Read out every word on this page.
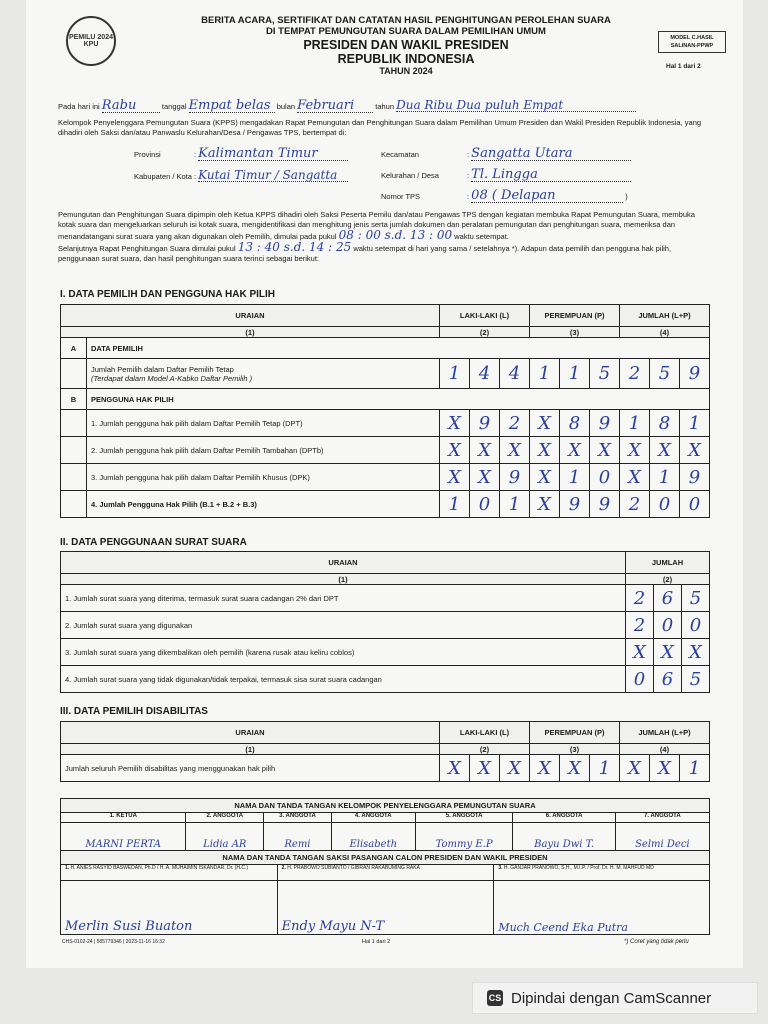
PEMILU 2024 KPU
BERITA ACARA, SERTIFIKAT DAN CATATAN HASIL PENGHITUNGAN PEROLEHAN SUARA
DI TEMPAT PEMUNGUTAN SUARA DALAM PEMILIHAN UMUM
PRESIDEN DAN WAKIL PRESIDEN
REPUBLIK INDONESIA
TAHUN 2024
MODEL C.HASIL
SALINAN-PPWP
Hal 1 dari 2
Pada hari ini Rabu	tanggal Empat belas bulan Februari	tahun Dua Ribu Dua puluh Empat
Kelompok Penyelenggara Pemungutan Suara (KPPS) mengadakan Rapat Pemungutan dan Penghitungan Suara dalam Pemilihan Umum Presiden dan Wakil Presiden Republik Indonesia, yang dihadiri oleh Saksi dan/atau Panwaslu Kelurahan/Desa / Pengawas TPS, bertempat di:
Provinsi	: Kalimantan Timur
Kabupaten / Kota : Kutai Timur / Sangatta
Kecamatan	: Sangatta Utara
Kelurahan / Desa	: Tl. Lingga
Nomor TPS	: 08 ( Delapan	)
Pemungutan dan Penghitungan Suara dipimpin oleh Ketua KPPS dihadiri oleh Saksi Peserta Pemilu dan/atau Pengawas TPS dengan kegiatan membuka Rapat Pemungutan Suara, membuka kotak suara dan mengeluarkan seluruh isi kotak suara, mengidentifikasi dan menghitung jenis serta jumlah dokumen dan peralatan pemungutan dan penghitungan suara, memeriksa dan menandatangani surat suara yang akan digunakan oleh Pemilih, dimulai pada pukul 08 : 00 s.d. 13 : 00 waktu setempat.
Selanjutnya Rapat Penghitungan Suara dimulai pukul 13 : 40 s.d. 14 : 25 waktu setempat di hari yang sama / setelahnya *). Adapun data pemilih dan pengguna hak pilih, penggunaan surat suara, dan hasil penghitungan suara terinci sebagai berikut:
I. DATA PEMILIH DAN PENGGUNA HAK PILIH
URAIAN		LAKI-LAKI (L)			PEREMPUAN (P)			JUMLAH (L+P)		
(1)		(2)			(3)			(4)		
A	DATA PEMILIH									

	Jumlah Pemilih dalam Daftar Pemilih Tetap
(Terdapat dalam Model A-Kabko Daftar Pemilih )	1	4	4	1	1	5	2	5	9
B	PENGGUNA HAK PILIH									
	1. Jumlah pengguna hak pilih dalam Daftar Pemilih Tetap (DPT)	X	9	2	X	8	9	1	8	1
	2. Jumlah pengguna hak pilih dalam Daftar Pemilih Tambahan (DPTb)	X	X	X	X	X	X	X	X	X
	3. Jumlah pengguna hak pilih dalam Daftar Pemilih Khusus (DPK)	X	X	9	X	1	0	X	1	9
	4. Jumlah Pengguna Hak Pilih (B.1 + B.2 + B.3)	1	0	1	X	9	9	2	0	0
II. DATA PENGGUNAAN SURAT SUARA
URAIAN	JUMLAH		
(1)	(2)		
1. Jumlah surat suara yang diterima, termasuk surat suara cadangan 2% dari DPT	2	6	5
2. Jumlah surat suara yang digunakan	2	0	0
3. Jumlah surat suara yang dikembalikan oleh pemilih (karena rusak atau keliru coblos)	X	X	X
4. Jumlah surat suara yang tidak digunakan/tidak terpakai, termasuk sisa surat suara cadangan	0	6	5
III. DATA PEMILIH DISABILITAS
URAIAN	LAKI-LAKI (L)			PEREMPUAN (P)			JUMLAH (L+P)		
(1)	(2)			(3)			(4)		
Jumlah seluruh Pemilih disabilitas yang menggunakan hak pilih	X	X	X	X	X	1	X	X	1
NAMA DAN TANDA TANGAN KELOMPOK PENYELENGGARA PEMUNGUTAN SUARA						
1. KETUA	2. ANGGOTA	3. ANGGOTA	4. ANGGOTA	5. ANGGOTA	6. ANGGOTA	7. ANGGOTA
MARNI PERTA	Lidia AR	Remi	Elisabeth	Tommy E.P	Bayu Dwi T.	Selmi Deci
NAMA DAN TANDA TANGAN SAKSI PASANGAN CALON PRESIDEN DAN WAKIL PRESIDEN		
1. H. ANIES RASYID BASWEDAN, Ph.D / H. A. MUHAIMIN ISKANDAR, Dr. (H.C.)	2. H. PRABOWO SUBIANTO / GIBRAN RAKABUMING RAKA	3. H. GANJAR PRANOWO, S.H., M.I.P. / Prof. Dr. H. M. MAHFUD MD
Merlin Susi Buaton	Endy Mayu N-T	Much Ceend Eka Putra
CHS-0102-24 | 585779346 | 2023-11-16 16:32	Hal 1 dari 2	*) Coret yang tidak perlu
CS Dipindai dengan CamScanner
